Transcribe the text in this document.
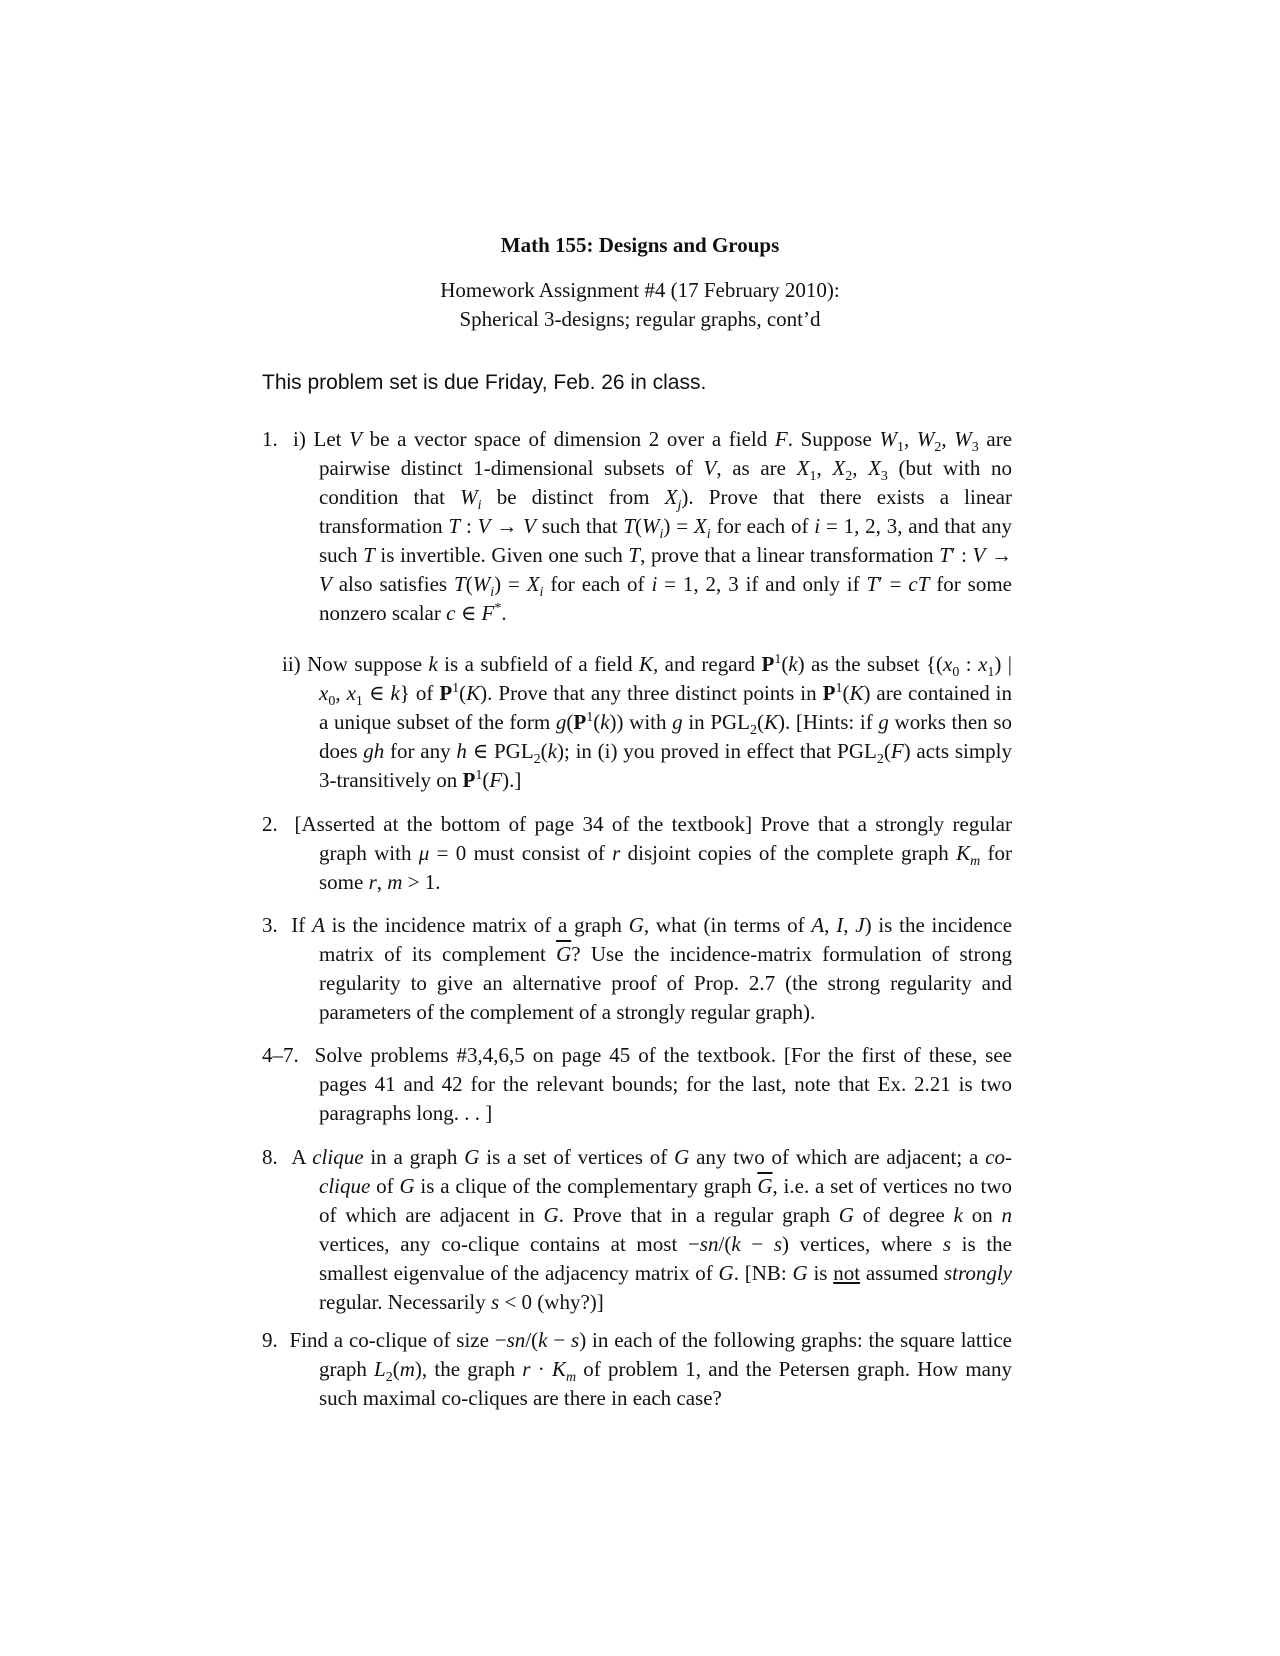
Math 155: Designs and Groups
Homework Assignment #4 (17 February 2010):
Spherical 3-designs; regular graphs, cont’d
This problem set is due Friday, Feb. 26 in class.
1. i) Let V be a vector space of dimension 2 over a field F. Suppose $W_1$, $W_2$, $W_3$ are pairwise distinct 1-dimensional subsets of V, as are $X_1$, $X_2$, $X_3$ (but with no condition that $W_i$ be distinct from $X_j$). Prove that there exists a linear transformation T : V → V such that $T(W_i) = X_i$ for each of i = 1, 2, 3, and that any such T is invertible. Given one such T, prove that a linear transformation T′ : V → V also satisfies $T(W_i) = X_i$ for each of i = 1, 2, 3 if and only if T′ = cT for some nonzero scalar c ∈ F*.
ii) Now suppose k is a subfield of a field K, and regard $P^1(k)$ as the subset {($x_0$ : $x_1$) | $x_0$, $x_1$ ∈ k} of $P^1(K)$. Prove that any three distinct points in $P^1(K)$ are contained in a unique subset of the form $g(P^1(k))$ with g in $PGL_2(K)$. [Hints: if g works then so does gh for any h ∈ $PGL_2(k)$; in (i) you proved in effect that $PGL_2(F)$ acts simply 3-transitively on $P^1(F)$.]
2.  [Asserted at the bottom of page 34 of the textbook] Prove that a strongly regular graph with μ = 0 must consist of r disjoint copies of the complete graph $K_m$ for some r, m > 1.
3.  If A is the incidence matrix of a graph G, what (in terms of A, I, J) is the incidence matrix of its complement $\overline{G}$? Use the incidence-matrix formulation of strong regularity to give an alternative proof of Prop. 2.7 (the strong regularity and parameters of the complement of a strongly regular graph).
4–7.  Solve problems #3,4,6,5 on page 45 of the textbook. [For the first of these, see pages 41 and 42 for the relevant bounds; for the last, note that Ex. 2.21 is two paragraphs long. . . ]
8.  A clique in a graph G is a set of vertices of G any two of which are adjacent; a co-clique of G is a clique of the complementary graph $\overline{G}$, i.e. a set of vertices no two of which are adjacent in G. Prove that in a regular graph G of degree k on n vertices, any co-clique contains at most −sn/(k − s) vertices, where s is the smallest eigenvalue of the adjacency matrix of G. [NB: G is not assumed strongly regular. Necessarily s < 0 (why?)]
9.  Find a co-clique of size −sn/(k − s) in each of the following graphs: the square lattice graph $L_2(m)$, the graph $r \cdot K_m$ of problem 1, and the Petersen graph. How many such maximal co-cliques are there in each case?
